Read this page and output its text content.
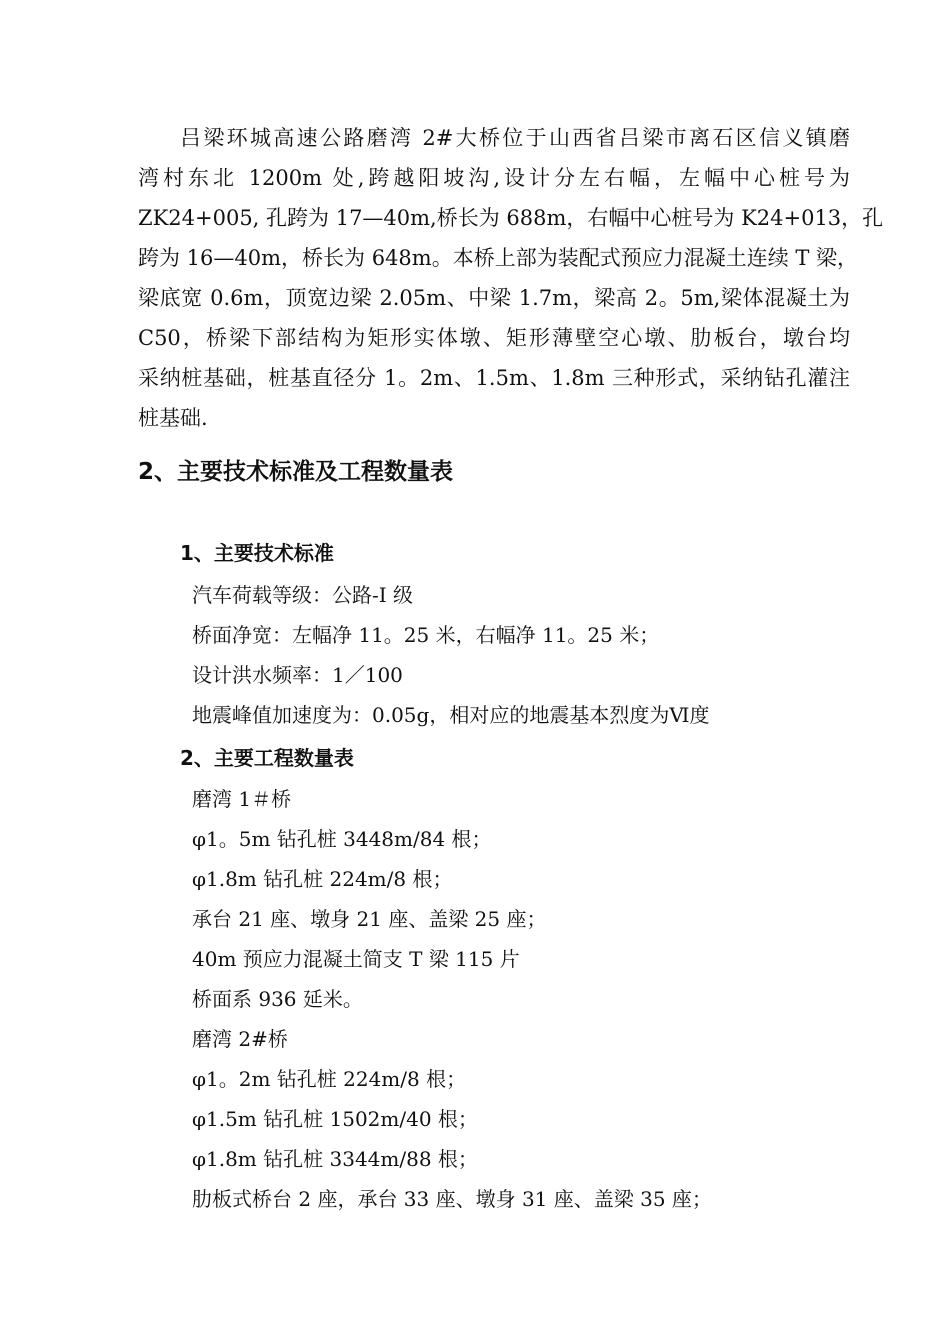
吕梁环城高速公路磨湾 2#大桥位于山西省吕梁市离石区信义镇磨
湾村东北 1200m 处,跨越阳坡沟,设计分左右幅，左幅中心桩号为
ZK24+005, 孔跨为 17—40m,桥长为 688m，右幅中心桩号为 K24+013，孔
跨为 16—40m，桥长为 648m。本桥上部为装配式预应力混凝土连续 T 梁，
梁底宽 0.6m，顶宽边梁 2.05m、中梁 1.7m，梁高 2。5m,梁体混凝土为
C50，桥梁下部结构为矩形实体墩、矩形薄壁空心墩、肋板台，墩台均
采纳桩基础，桩基直径分 1。2m、1.5m、1.8m 三种形式，采纳钻孔灌注
桩基础.
2、主要技术标准及工程数量表
1、主要技术标准
汽车荷载等级：公路-I 级
桥面净宽：左幅净 11。25 米，右幅净 11。25 米；
设计洪水频率：1／100
地震峰值加速度为：0.05g，相对应的地震基本烈度为Ⅵ度
2、主要工程数量表
磨湾 1＃桥
φ1。5m 钻孔桩 3448m/84 根；
φ1.8m 钻孔桩 224m/8 根；
承台 21 座、墩身 21 座、盖梁 25 座；
40m 预应力混凝土简支 T 梁 115 片
桥面系 936 延米。
磨湾 2#桥
φ1。2m 钻孔桩 224m/8 根；
φ1.5m 钻孔桩 1502m/40 根；
φ1.8m 钻孔桩 3344m/88 根；
肋板式桥台 2 座，承台 33 座、墩身 31 座、盖梁 35 座；
